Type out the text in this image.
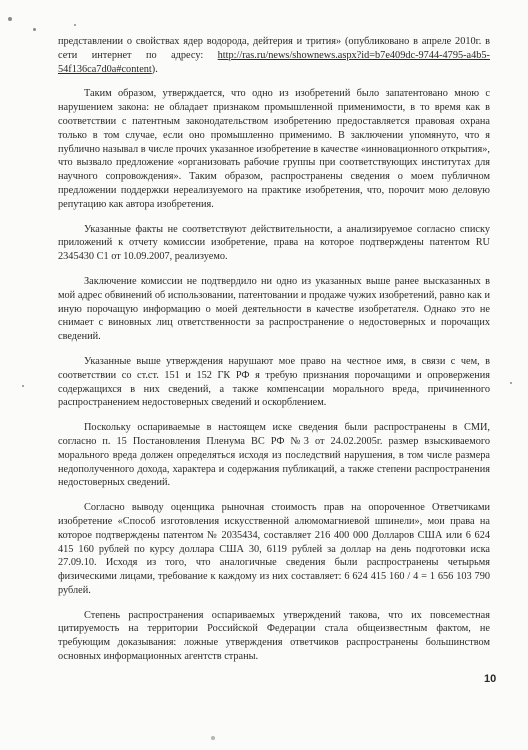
представлении о свойствах ядер водорода, дейтерия и трития» (опубликовано в апреле 2010г. в сети интернет по адресу: http://ras.ru/news/shownews.aspx?id=b7e409dc-9744-4795-a4b5-54f136ca7d0a#content).

Таким образом, утверждается, что одно из изобретений было запатентовано мною с нарушением закона: не обладает признаком промышленной применимости, в то время как в соответствии с патентным законодательством изобретению предоставляется правовая охрана только в том случае, если оно промышленно применимо. В заключении упомянуто, что я публично называл в числе прочих указанное изобретение в качестве «инновационного открытия», что вызвало предложение «организовать рабочие группы при соответствующих институтах для научного сопровождения». Таким образом, распространены сведения о моем публичном предложении поддержки нереализуемого на практике изобретения, что, порочит мою деловую репутацию как автора изобретения.

Указанные факты не соответствуют действительности, а анализируемое согласно списку приложений к отчету комиссии изобретение, права на которое подтверждены патентом RU 2345430 C1 от 10.09.2007, реализуемо.

Заключение комиссии не подтвердило ни одно из указанных выше ранее высказанных в мой адрес обвинений об использовании, патентовании и продаже чужих изобретений, равно как и иную порочащую информацию о моей деятельности в качестве изобретателя. Однако это не снимает с виновных лиц ответственности за распространение о недостоверных и порочащих сведений.

Указанные выше утверждения нарушают мое право на честное имя, в связи с чем, в соответствии со ст.ст. 151 и 152 ГК РФ я требую признания порочащими и опровержения содержащихся в них сведений, а также компенсации морального вреда, причиненного распространением недостоверных сведений и оскорблением.

Поскольку оспариваемые в настоящем иске сведения были распространены в СМИ, согласно п. 15 Постановления Пленума ВС РФ №3 от 24.02.2005г. размер взыскиваемого морального вреда должен определяться исходя из последствий нарушения, в том числе размера недополученного дохода, характера и содержания публикаций, а также степени распространения недостоверных сведений.

Согласно выводу оценщика рыночная стоимость прав на опороченное Ответчиками изобретение «Способ изготовления искусственной алюмомагниевой шпинели», мои права на которое подтверждены патентом № 2035434, составляет 216 400 000 Долларов США или 6 624 415 160 рублей по курсу доллара США 30, 6119 рублей за доллар на день подготовки иска 27.09.10. Исходя из того, что аналогичные сведения были распространены четырьмя физическими лицами, требование к каждому из них составляет: 6 624 415 160 / 4 = 1 656 103 790 рублей.

Степень распространения оспариваемых утверждений такова, что их повсеместная цитируемость на территории Российской Федерации стала общеизвестным фактом, не требующим доказывания: ложные утверждения ответчиков распространены большинством основных информационных агентств страны.

10
